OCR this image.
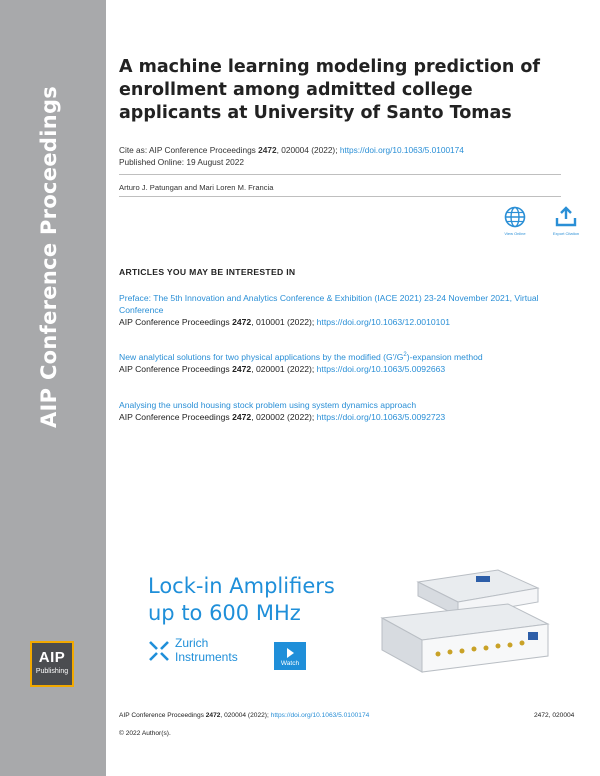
AIP Conference Proceedings
AIP
Publishing
A machine learning modeling prediction of enrollment among admitted college applicants at University of Santo Tomas
Cite as: AIP Conference Proceedings 2472, 020004 (2022); https://doi.org/10.1063/5.0100174
Published Online: 19 August 2022
Arturo J. Patungan and Mari Loren M. Francia
View Online	Export Citation
ARTICLES YOU MAY BE INTERESTED IN
Preface: The 5th Innovation and Analytics Conference & Exhibition (IACE 2021) 23-24 November 2021, Virtual Conference
AIP Conference Proceedings 2472, 010001 (2022); https://doi.org/10.1063/12.0010101
New analytical solutions for two physical applications by the modified $(G'/G^2)$-expansion method
AIP Conference Proceedings 2472, 020001 (2022); https://doi.org/10.1063/5.0092663
Analysing the unsold housing stock problem using system dynamics approach
AIP Conference Proceedings 2472, 020002 (2022); https://doi.org/10.1063/5.0092723
Lock-in Amplifiers
up to 600 MHz
Zurich
Instruments	Watch
AIP Conference Proceedings 2472, 020004 (2022); https://doi.org/10.1063/5.0100174	2472, 020004
© 2022 Author(s).
